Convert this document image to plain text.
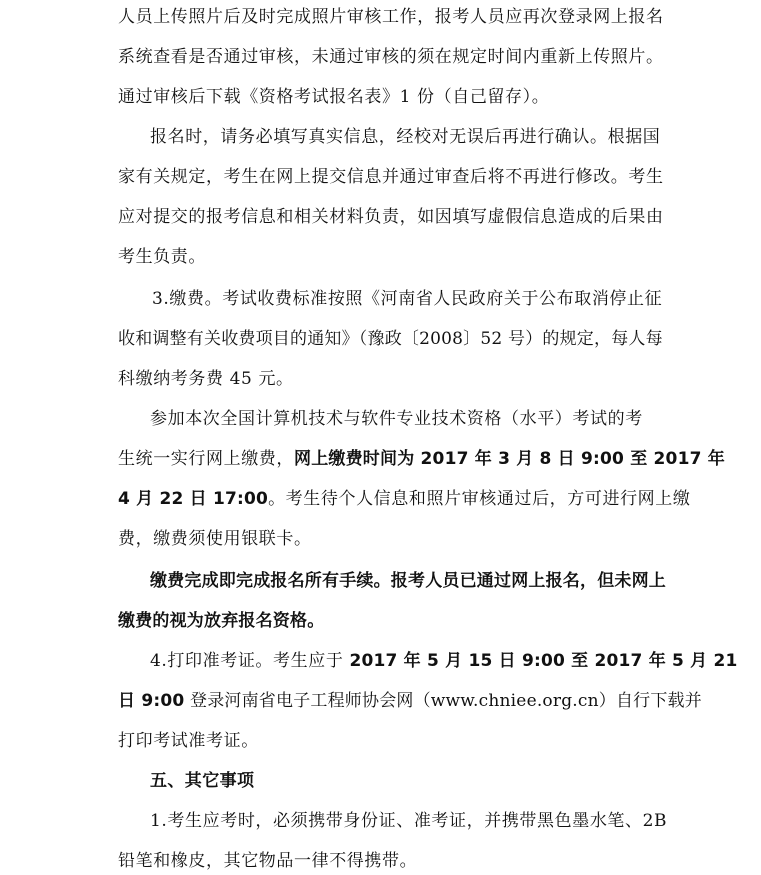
人员上传照片后及时完成照片审核工作，报考人员应再次登录网上报名
系统查看是否通过审核，未通过审核的须在规定时间内重新上传照片。
通过审核后下载《资格考试报名表》1 份（自己留存）。
报名时，请务必填写真实信息，经校对无误后再进行确认。根据国
家有关规定，考生在网上提交信息并通过审查后将不再进行修改。考生
应对提交的报考信息和相关材料负责，如因填写虚假信息造成的后果由
考生负责。
3.缴费。考试收费标准按照《河南省人民政府关于公布取消停止征
收和调整有关收费项目的通知》（豫政〔2008〕52 号）的规定，每人每
科缴纳考务费 45 元。
参加本次全国计算机技术与软件专业技术资格（水平）考试的考
生统一实行网上缴费，网上缴费时间为 2017 年 3 月 8 日 9:00 至 2017 年
4 月 22 日 17:00。考生待个人信息和照片审核通过后，方可进行网上缴
费，缴费须使用银联卡。
缴费完成即完成报名所有手续。报考人员已通过网上报名，但未网上
缴费的视为放弃报名资格。
4.打印准考证。考生应于 2017 年 5 月 15 日 9:00 至 2017 年 5 月 21
日 9:00 登录河南省电子工程师协会网（www.chniee.org.cn）自行下载并
打印考试准考证。
五、其它事项
1.考生应考时，必须携带身份证、准考证，并携带黑色墨水笔、2B
铅笔和橡皮，其它物品一律不得携带。
